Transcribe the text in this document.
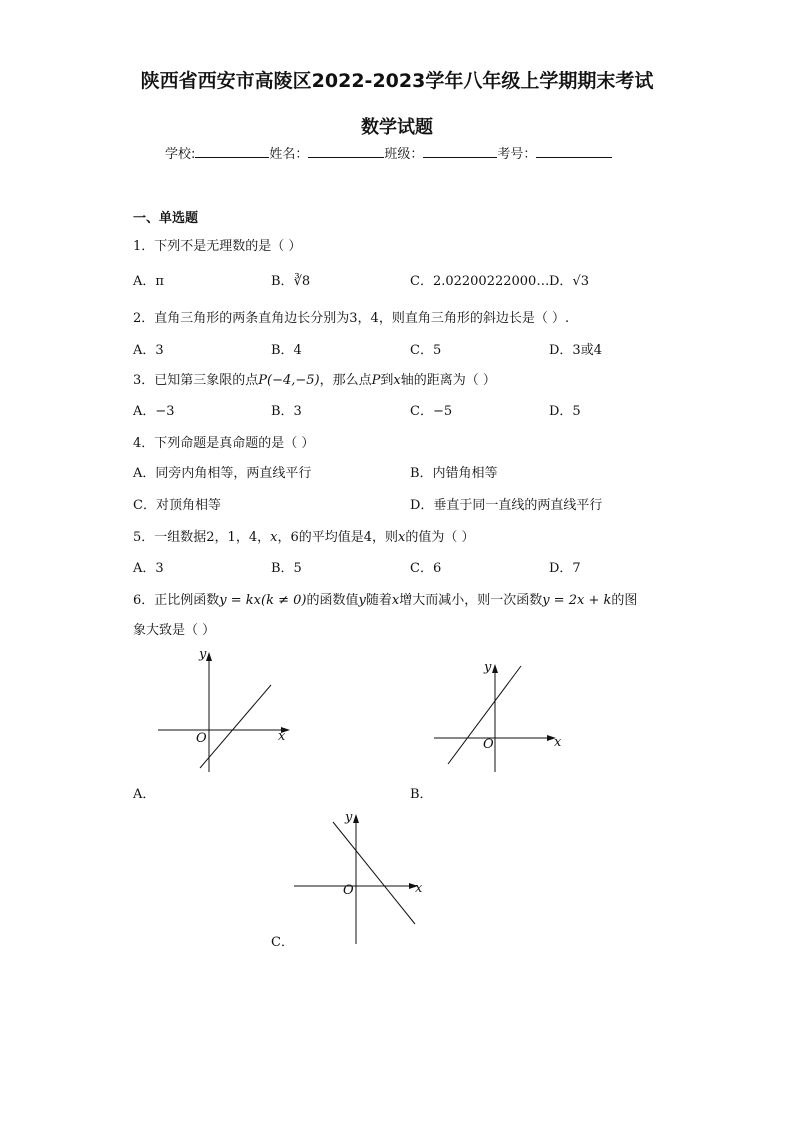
陕西省西安市高陵区2022-2023学年八年级上学期期末考试
数学试题
学校:	姓名：	班级：	考号：
一、单选题
1．下列不是无理数的是（ ）
A．π	B．∛8	C．2.02200222000… D．√3
2．直角三角形的两条直角边长分别为3，4，则直角三角形的斜边长是（ ）.
A．3	B．4	C．5	D．3或4
3．已知第三象限的点P(−4,−5)，那么点P到x轴的距离为（ ）
A．−3	B．3	C．−5	D．5
4．下列命题是真命题的是（ ）
A．同旁内角相等，两直线平行	B．内错角相等
C．对顶角相等	D．垂直于同一直线的两直线平行
5．一组数据2，1，4，x，6的平均值是4，则x的值为（ ）
A．3	B．5	C．6	D．7
6．正比例函数y = kx(k ≠ 0)的函数值y随着x增大而减小，则一次函数y = 2x + k的图
象大致是（ ）
y
x
O
A．
y
x
O
B．
y
x
O
C．
